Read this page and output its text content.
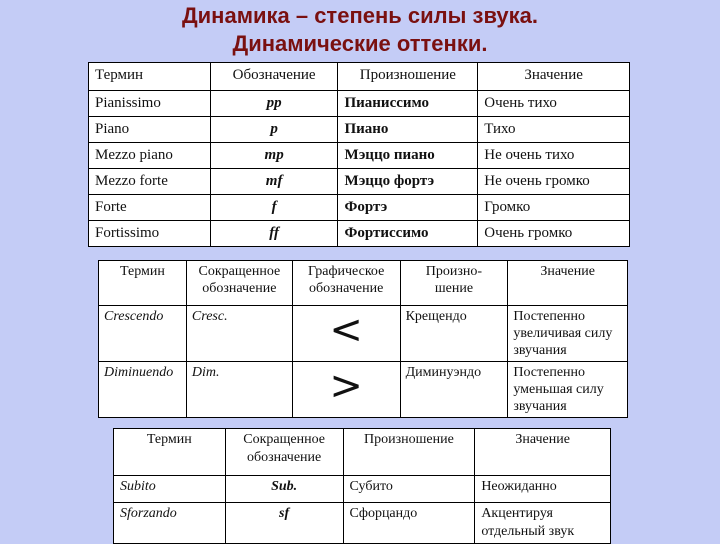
Динамика – степень силы звука.
Динамические оттенки.
Термин	Обозначение	Произношение	Значение
Pianissimo	pp	Пианиссимо	Очень тихо
Piano	p	Пиано	Тихо
Mezzo piano	mp	Мэццо пиано	Не очень тихо
Mezzo forte	mf	Мэццо фортэ	Не очень громко
Forte	f	Фортэ	Громко
Fortissimo	ff	Фортиссимо	Очень громко
Термин	Сокращенное обозначение	Графическое обозначение	Произно- шение	Значение
Crescendo	Cresc.	<	Крещендо	Постепенно увеличивая силу звучания
Diminuendo	Dim.	>	Диминуэндо	Постепенно уменьшая силу звучания
Термин	Сокращенное обозначение	Произношение	Значение
Subito	Sub.	Субито	Неожиданно
Sforzando	sf	Сфорцандо	Акцентируя отдельный звук
